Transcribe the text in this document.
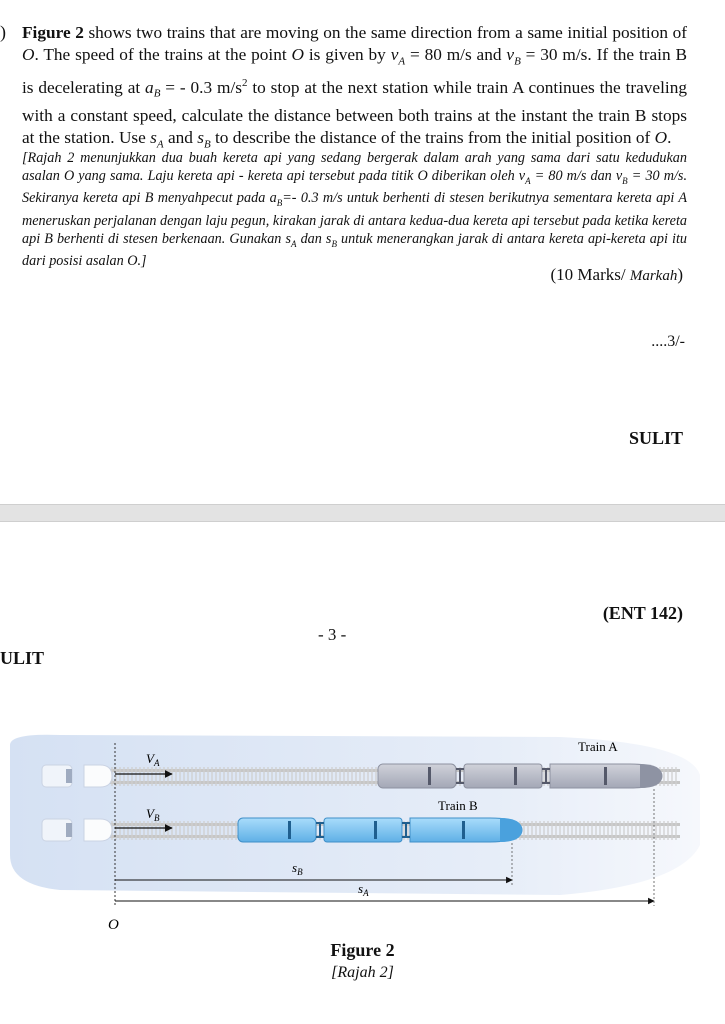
) Figure 2 shows two trains that are moving on the same direction from a same initial position of O. The speed of the trains at the point O is given by $v_A = 80$ m/s and $v_B = 30$ m/s. If the train B is decelerating at $a_B$ = - 0.3 $m/s^2$ to stop at the next station while train A continues the traveling with a constant speed, calculate the distance between both trains at the instant the train B stops at the station. Use $s_A$ and $s_B$ to describe the distance of the trains from the initial position of O.
[Rajah 2 menunjukkan dua buah kereta api yang sedang bergerak dalam arah yang sama dari satu kedudukan asalan O yang sama. Laju kereta api - kereta api tersebut pada titik O diberikan oleh $v_A = 80$ m/s dan $v_B = 30$ m/s. Sekiranya kereta api B menyahpecut pada $a_B=-$ 0.3 m/s untuk berhenti di stesen berikutnya sementara kereta api A meneruskan perjalanan dengan laju pegun, kirakan jarak di antara kedua-dua kereta api tersebut pada ketika kereta api B berhenti di stesen berkenaan. Gunakan $s_A$ dan $s_B$ untuk menerangkan jarak di antara kereta api-kereta api itu dari posisi asalan O.]
(10 Marks/ Markah)
....3/-
SULIT
(ENT 142)
- 3 -
ULIT
$V_A$
$V_B$
Train A
Train B
$s_B$
$s_A$
O
Figure 2
[Rajah 2]
